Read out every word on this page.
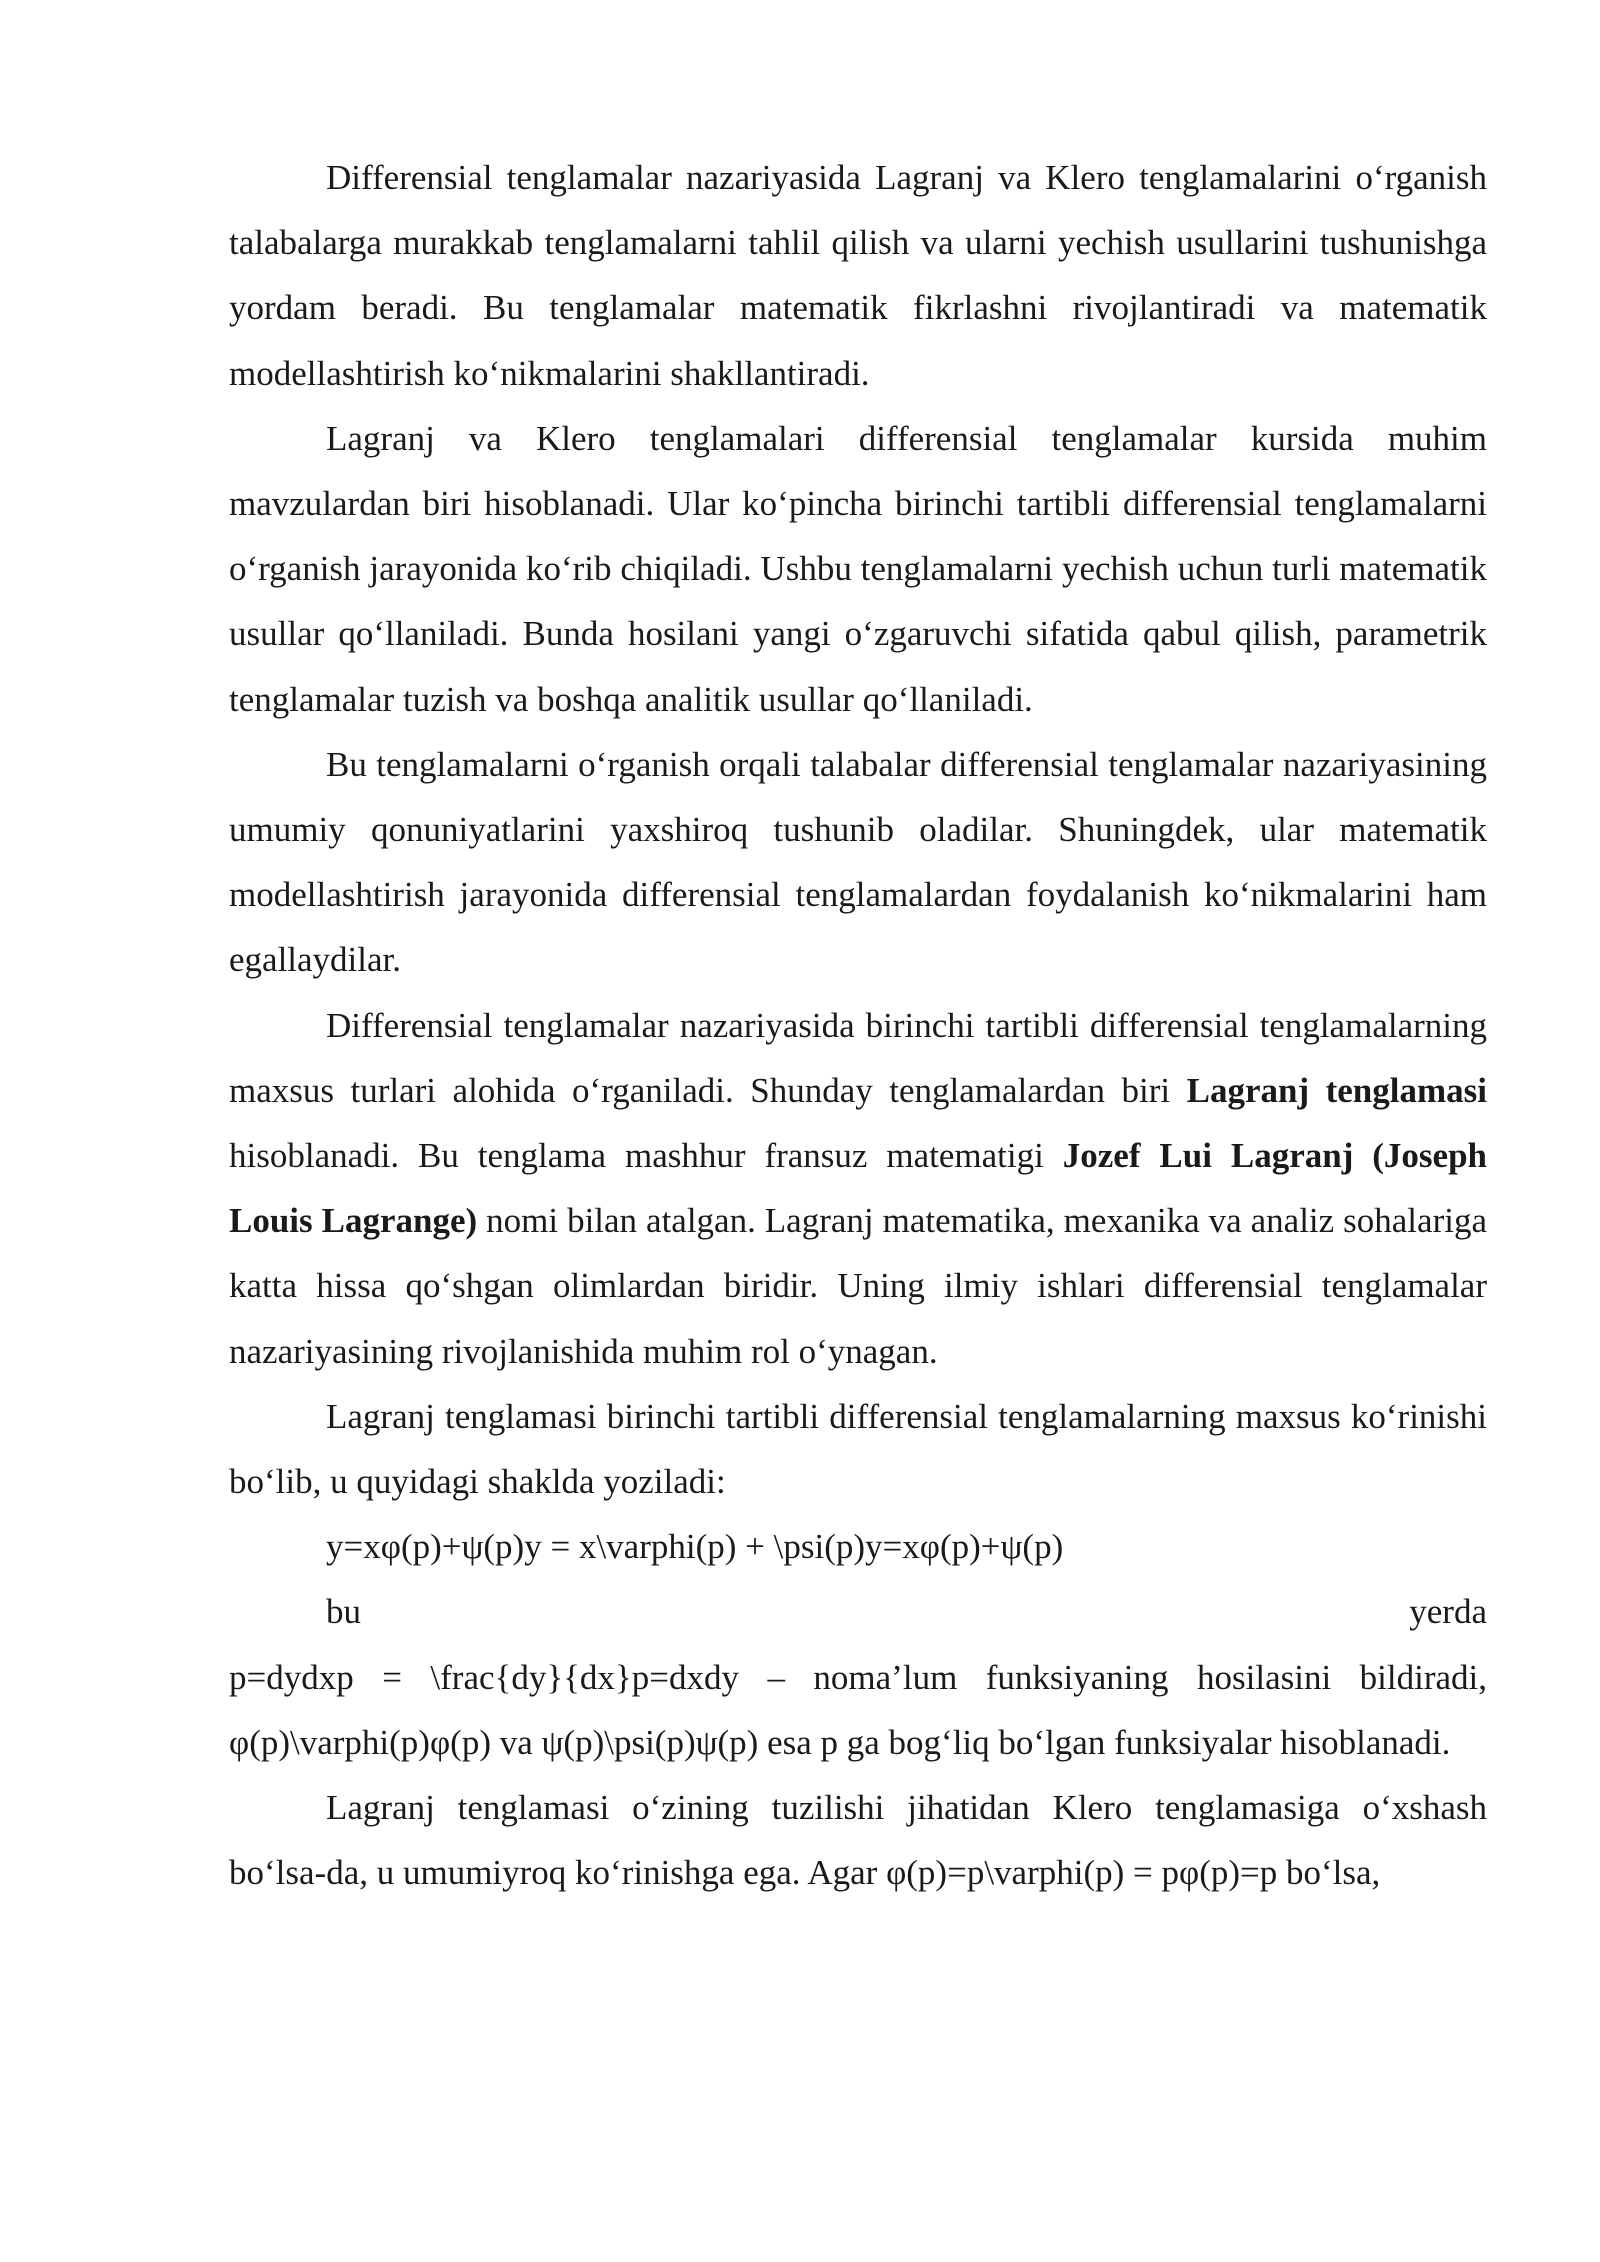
Differensial tenglamalar nazariyasida Lagranj va Klero tenglamalarini oʻrganish talabalarga murakkab tenglamalarni tahlil qilish va ularni yechish usullarini tushunishga yordam beradi. Bu tenglamalar matematik fikrlashni rivojlantiradi va matematik modellashtirish koʻnikmalarini shakllantiradi.

Lagranj va Klero tenglamalari differensial tenglamalar kursida muhim mavzulardan biri hisoblanadi. Ular koʻpincha birinchi tartibli differensial tenglamalarni oʻrganish jarayonida koʻrib chiqiladi. Ushbu tenglamalarni yechish uchun turli matematik usullar qoʻllaniladi. Bunda hosilani yangi oʻzgaruvchi sifatida qabul qilish, parametrik tenglamalar tuzish va boshqa analitik usullar qoʻllaniladi.

Bu tenglamalarni oʻrganish orqali talabalar differensial tenglamalar nazariyasining umumiy qonuniyatlarini yaxshiroq tushunib oladilar. Shuningdek, ular matematik modellashtirish jarayonida differensial tenglamalardan foydalanish koʻnikmalarini ham egallaydilar.

Differensial tenglamalar nazariyasida birinchi tartibli differensial tenglamalarning maxsus turlari alohida oʻrganiladi. Shunday tenglamalardan biri Lagranj tenglamasi hisoblanadi. Bu tenglama mashhur fransuz matematigi Jozef Lui Lagranj (Joseph Louis Lagrange) nomi bilan atalgan. Lagranj matematika, mexanika va analiz sohalariga katta hissa qoʻshgan olimlardan biridir. Uning ilmiy ishlari differensial tenglamalar nazariyasining rivojlanishida muhim rol oʻynagan.

Lagranj tenglamasi birinchi tartibli differensial tenglamalarning maxsus koʻrinishi boʻlib, u quyidagi shaklda yoziladi:

y=xφ(p)+ψ(p)y = x\varphi(p) + \psi(p)y=xφ(p)+ψ(p)

bu	yerda

p=dydxp = \frac{dy}{dx}p=dxdy – noma’lum funksiyaning hosilasini bildiradi, φ(p)\varphi(p)φ(p) va ψ(p)\psi(p)ψ(p) esa p ga bogʻliq boʻlgan funksiyalar hisoblanadi.

Lagranj tenglamasi oʻzining tuzilishi jihatidan Klero tenglamasiga oʻxshash boʻlsa-da, u umumiyroq koʻrinishga ega. Agar φ(p)=p\varphi(p) = pφ(p)=p boʻlsa,
